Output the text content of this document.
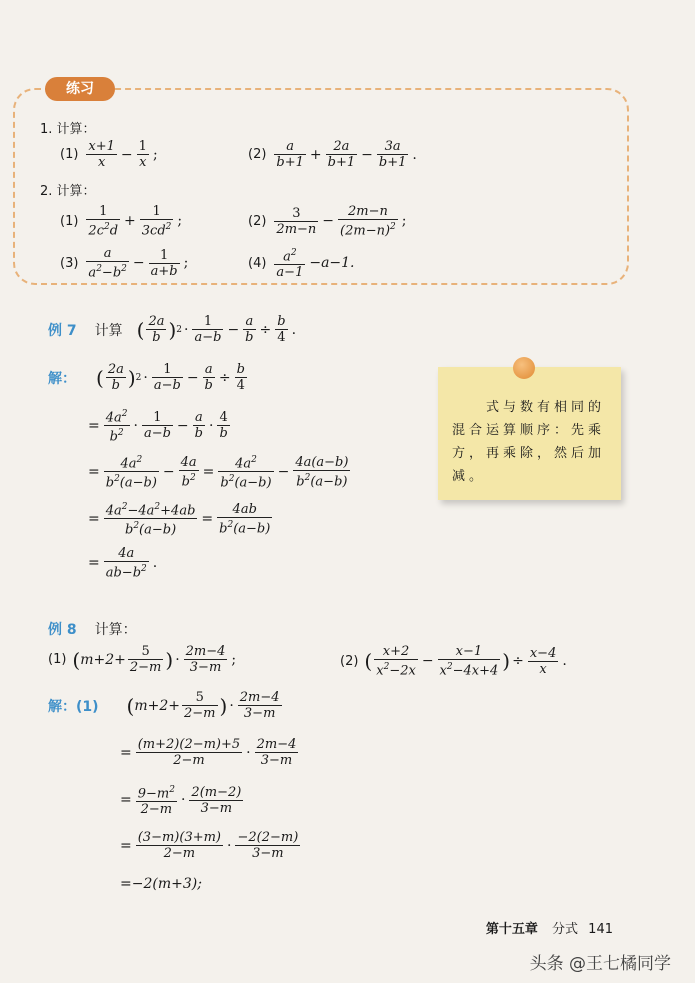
练习
1. 计算：
$(1) \frac{x+1}{x} - \frac{1}{x}$ ;	$(2) \frac{a}{b+1} + \frac{2a}{b+1} - \frac{3a}{b+1}$ .
2. 计算：
$(1) \frac{1}{2c^2d} + \frac{1}{3cd^2}$ ;	$(2) \frac{3}{2m-n} - \frac{2m-n}{(2m-n)^2}$ ;
$(3) \frac{a}{a^2-b^2} - \frac{1}{a+b}$ ;	$(4) \frac{a^2}{a-1} -a-1$.
例 7 计算 ( $\frac{2a}{b}$ ) $2 \cdot \frac{1}{a-b} - \frac{a}{b} \div \frac{b}{4}$ .
解： ( $\frac{2a}{b}$ ) $2 \cdot \frac{1}{a-b} - \frac{a}{b} \div \frac{b}{4}$
= $\frac{4a^2}{b^2} \cdot \frac{1}{a-b} - \frac{a}{b} \cdot \frac{4}{b}$
= $\frac{4a^2}{b^2(a-b)} - \frac{4a}{b^2} = \frac{4a^2}{b^2(a-b)} - \frac{4a(a-b)}{b^2(a-b)}$
= $\frac{4a^2-4a^2+4ab}{b^2(a-b)} = \frac{4ab}{b^2(a-b)}$
= $\frac{4a}{ab-b^2}$ .
式与数有相同的混合运算顺序：先乘方，再乘除，然后加减。
例 8 计算：
(1) ( $m+2+ \frac{5}{2-m}$ ) · $\frac{2m-4}{3-m}$ ;	(2) ( $\frac{x+2}{x^2-2x} - \frac{x-1}{x^2-4x+4}$ ) ÷ $\frac{x-4}{x}$ .
解：(1) ( $m+2+ \frac{5}{2-m}$ ) · $\frac{2m-4}{3-m}$
= $\frac{(m+2)(2-m)+5}{2-m} \cdot \frac{2m-4}{3-m}$
= $\frac{9-m^2}{2-m} \cdot \frac{2(m-2)}{3-m}$
= $\frac{(3-m)(3+m)}{2-m} \cdot \frac{-2(2-m)}{3-m}$
=−2(m+3);
第十五章 分式 141
头条 @王七橘同学
